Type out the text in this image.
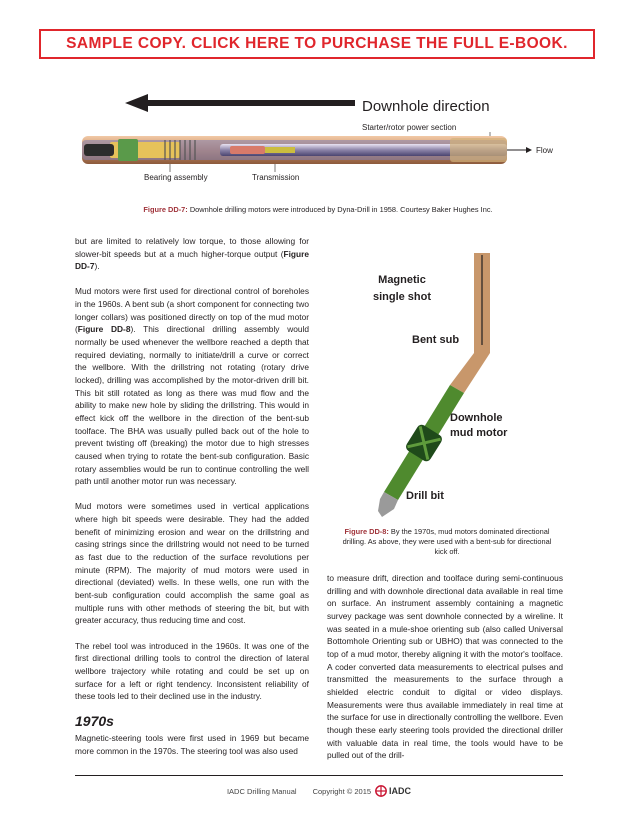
SAMPLE COPY. CLICK HERE TO PURCHASE THE FULL E-BOOK.
Downhole direction
Starter/rotor power section
Flow
Bearing assembly	Transmission
Figure DD-7: Downhole drilling motors were introduced by Dyna-Drill in 1958. Courtesy Baker Hughes Inc.
Magnetic
single shot
Bent sub
Downhole
mud motor
Drill bit
Figure DD-8: By the 1970s, mud motors dominated directional drilling. As above, they were used with a bent-sub for directional kick off.

but are limited to relatively low torque, to those allowing for slower-bit speeds but at a much higher-torque output (Figure DD-7).

Mud motors were first used for directional control of boreholes in the 1960s. A bent sub (a short component for connecting two longer collars) was positioned directly on top of the mud motor (Figure DD-8). This directional drilling assembly would normally be used whenever the wellbore reached a depth that required deviating, normally to initiate/drill a curve or correct the wellbore. With the drillstring not rotating (rotary drive locked), drilling was accomplished by the motor-driven drill bit. This bit still rotated as long as there was mud flow and the ability to make new hole by sliding the drillstring. This would in effect kick off the wellbore in the direction of the bent-sub toolface. The BHA was usually pulled back out of the hole to prevent twisting off (breaking) the motor due to high stresses caused when trying to rotate the bent-sub configuration. Basic rotary assemblies would be run to continue controlling the well path until another motor run was necessary.

Mud motors were sometimes used in vertical applications where high bit speeds were desirable. They had the added benefit of minimizing erosion and wear on the drillstring and casing strings since the drillstring would not need to be turned as fast due to the reduction of the surface revolutions per minute (RPM). The majority of mud motors were used in directional (deviated) wells. In these wells, one run with the bent-sub configuration could accomplish the same goal as multiple runs with other methods of steering the bit, but with greater accuracy, thus reducing time and cost.

The rebel tool was introduced in the 1960s. It was one of the first directional drilling tools to control the direction of lateral wellbore trajectory while rotating and could be set up on surface for a left or right tendency. Inconsistent reliability of these tools led to their declined use in the industry.

1970s

Magnetic-steering tools were first used in 1969 but became more common in the 1970s. The steering tool was also used

to measure drift, direction and toolface during semi-continuous drilling and with downhole directional data available in real time on surface. An instrument assembly containing a magnetic survey package was sent downhole connected by a wireline. It was seated in a mule-shoe orienting sub (also called Universal Bottomhole Orienting sub or UBHO) that was connected to the top of a mud motor, thereby aligning it with the motor's toolface. A coder converted data measurements to electrical pulses and transmitted the measurements to the surface through a shielded electric conduit to digital or video displays. Measurements were thus available immediately in real time at the surface for use in directionally controlling the wellbore. Even though these early steering tools provided the directional driller with valuable data in real time, the tools would have to be pulled out of the drill-

IADC Drilling Manual Copyright © 2015 IADC
